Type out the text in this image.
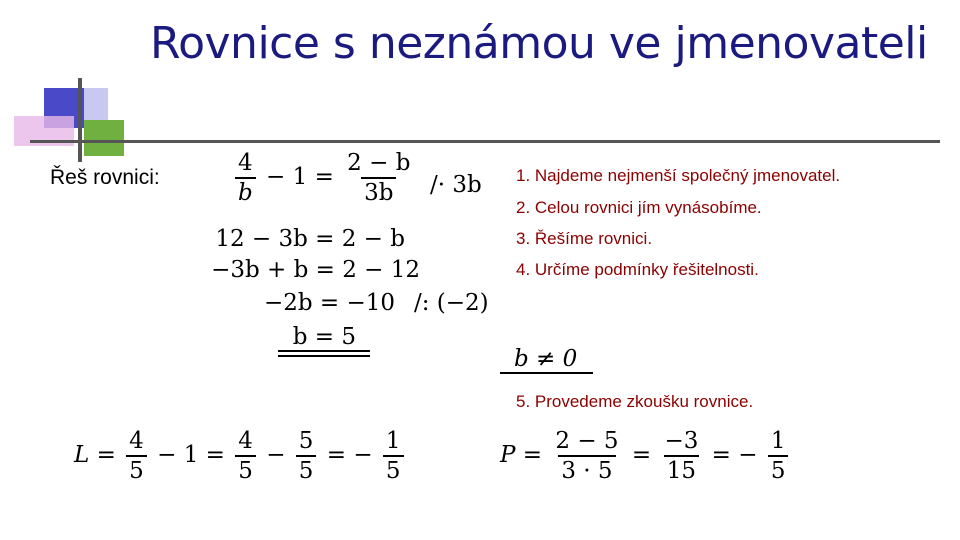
Rovnice s neznámou ve jmenovateli
Řeš rovnici:	$\frac{4}{b} - 1 = \frac{2 - b}{3b} /\cdot 3b$
12 − 3b = 2 − b
−3b + b = 2 − 12
−2b = −10 /: (−2)
b = 5
1. Najdeme nejmenší společný jmenovatel.
2. Celou rovnici jím vynásobíme.
3. Řešíme rovnici.
4. Určíme podmínky řešitelnosti.
5. Provedeme zkoušku rovnice.
b ≠ 0
$L = \frac{4}{5} - 1 = \frac{4}{5} - \frac{5}{5}$ = − $\frac{1}{5}$	$P = \frac{2 - 5}{3 \cdot 5} = \frac{-3}{15}$ = − $\frac{1}{5}$
